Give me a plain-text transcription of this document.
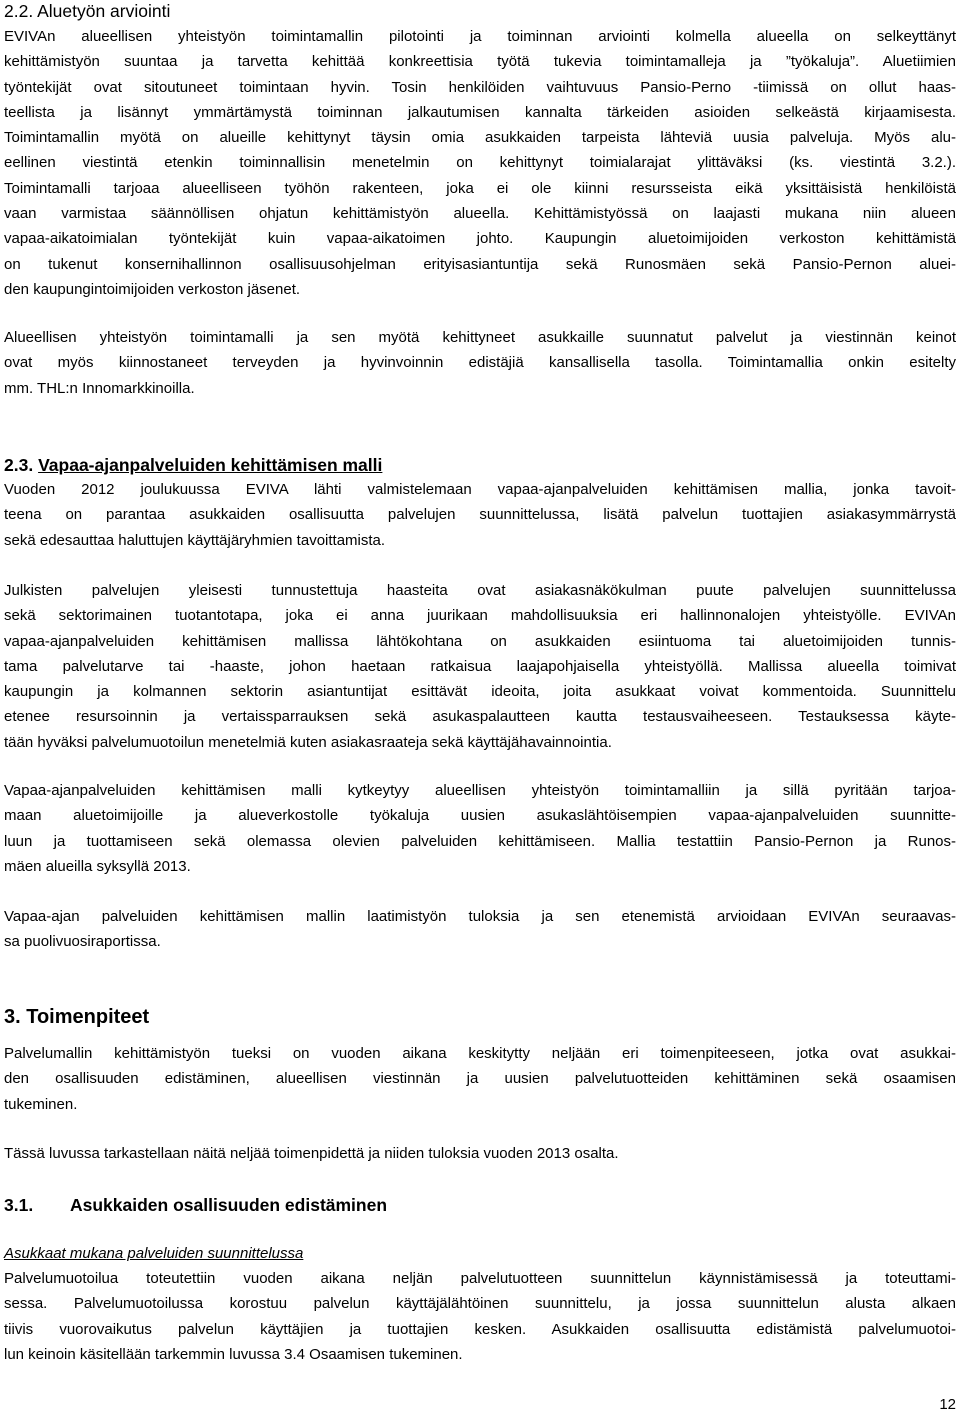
2.2. Aluetyön arviointi
EVIVAn alueellisen yhteistyön toimintamallin pilotointi ja toiminnan arviointi kolmella alueella on selkeyttänyt
kehittämistyön suuntaa ja tarvetta kehittää konkreettisia työtä tukevia toimintamalleja ja ”työkaluja”. Aluetiimien
työntekijät ovat sitoutuneet toimintaan hyvin. Tosin henkilöiden vaihtuvuus Pansio-Perno -tiimissä on ollut haas-
teellista ja lisännyt ymmärtämystä toiminnan jalkautumisen kannalta tärkeiden asioiden selkeästä kirjaamisesta.
Toimintamallin myötä on alueille kehittynyt täysin omia asukkaiden tarpeista lähteviä uusia palveluja. Myös alu-
eellinen viestintä etenkin toiminnallisin menetelmin on kehittynyt toimialarajat ylittäväksi (ks. viestintä 3.2.).
Toimintamalli tarjoaa alueelliseen työhön rakenteen, joka ei ole kiinni resursseista eikä yksittäisistä henkilöistä
vaan varmistaa säännöllisen ohjatun kehittämistyön alueella. Kehittämistyössä on laajasti mukana niin alueen
vapaa-aikatoimialan työntekijät kuin vapaa-aikatoimen johto. Kaupungin aluetoimijoiden verkoston kehittämistä
on tukenut konsernihallinnon osallisuusohjelman erityisasiantuntija sekä Runosmäen sekä Pansio-Pernon aluei-
den kaupungintoimijoiden verkoston jäsenet.
Alueellisen yhteistyön toimintamalli ja sen myötä kehittyneet asukkaille suunnatut palvelut ja viestinnän keinot
ovat myös kiinnostaneet terveyden ja hyvinvoinnin edistäjiä kansallisella tasolla. Toimintamallia onkin esitelty
mm. THL:n Innomarkkinoilla.
2.3. Vapaa-ajanpalveluiden kehittämisen malli
Vuoden 2012 joulukuussa EVIVA lähti valmistelemaan vapaa-ajanpalveluiden kehittämisen mallia, jonka tavoit-
teena on parantaa asukkaiden osallisuutta palvelujen suunnittelussa, lisätä palvelun tuottajien asiakasymmärrystä
sekä edesauttaa haluttujen käyttäjäryhmien tavoittamista.
Julkisten palvelujen yleisesti tunnustettuja haasteita ovat asiakasnäkökulman puute palvelujen suunnittelussa
sekä sektorimainen tuotantotapa, joka ei anna juurikaan mahdollisuuksia eri hallinnonalojen yhteistyölle. EVIVAn
vapaa-ajanpalveluiden kehittämisen mallissa lähtökohtana on asukkaiden esiintuoma tai aluetoimijoiden tunnis-
tama palvelutarve tai -haaste, johon haetaan ratkaisua laajapohjaisella yhteistyöllä. Mallissa alueella toimivat
kaupungin ja kolmannen sektorin asiantuntijat esittävät ideoita, joita asukkaat voivat kommentoida. Suunnittelu
etenee resursoinnin ja vertaissparrauksen sekä asukaspalautteen kautta testausvaiheeseen. Testauksessa käyte-
tään hyväksi palvelumuotoilun menetelmiä kuten asiakasraateja sekä käyttäjähavainnointia.
Vapaa-ajanpalveluiden kehittämisen malli kytkeytyy alueellisen yhteistyön toimintamalliin ja sillä pyritään tarjoa-
maan aluetoimijoille ja alueverkostolle työkaluja uusien asukaslähtöisempien vapaa-ajanpalveluiden suunnitte-
luun ja tuottamiseen sekä olemassa olevien palveluiden kehittämiseen. Mallia testattiin Pansio-Pernon ja Runos-
mäen alueilla syksyllä 2013.
Vapaa-ajan palveluiden kehittämisen mallin laatimistyön tuloksia ja sen etenemistä arvioidaan EVIVAn seuraavas-
sa puolivuosiraportissa.
3. Toimenpiteet
Palvelumallin kehittämistyön tueksi on vuoden aikana keskitytty neljään eri toimenpiteeseen, jotka ovat asukkai-
den osallisuuden edistäminen, alueellisen viestinnän ja uusien palvelutuotteiden kehittäminen sekä osaamisen
tukeminen.
Tässä luvussa tarkastellaan näitä neljää toimenpidettä ja niiden tuloksia vuoden 2013 osalta.
3.1. Asukkaiden osallisuuden edistäminen
Asukkaat mukana palveluiden suunnittelussa
Palvelumuotoilua toteutettiin vuoden aikana neljän palvelutuotteen suunnittelun käynnistämisessä ja toteuttami-
sessa. Palvelumuotoilussa korostuu palvelun käyttäjälähtöinen suunnittelu, ja jossa suunnittelun alusta alkaen
tiivis vuorovaikutus palvelun käyttäjien ja tuottajien kesken. Asukkaiden osallisuutta edistämistä palvelumuotoi-
lun keinoin käsitellään tarkemmin luvussa 3.4 Osaamisen tukeminen.
12
